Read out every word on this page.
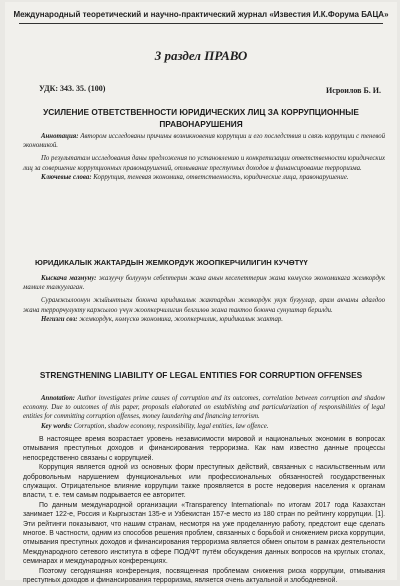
Международный теоретический и научно-практический журнал «Известия И.К.Форума БАЦА»
3 раздел ПРАВО
УДК: 343. 35. (100)	Исроилов Б. И.
УСИЛЕНИЕ ОТВЕТСТВЕННОСТИ ЮРИДИЧЕСКИХ ЛИЦ ЗА КОРРУПЦИОННЫЕ ПРАВОНАРУШЕНИЯ

Аннотация: Автором исследованы причины возникновения коррупции и его последствия и связь коррупции с теневой экономикой.

По результатам исследования даны предложения по установлению и конкретизации ответственности юридических лиц за совершение коррупционных правонарушений, отмывание преступных доходов и финансирование терроризма.

Ключевые слова: Коррупция, теневая экономика, ответственность, юридические лица, правонарушение.

ЮРИДИКАЛЫК ЖАКТАРДЫН ЖЕМКОРДУК ЖООПКЕРЧИЛИГИН КУЧӨТҮҮ

Кыскача мазмуну: жазуучу болуунун себептерин жана анын кесепеттерин жана көмүскө экономикага жемкордук мамиле талкуулаган.

Сурамжылоонун жыйынтыгы боюнча юридикалык жактардын жемкордук укук бузуулар, арам акчаны адалдоо жана террорчулукту каржылоо үчүн жоопкерчилигин белгилөө жана тактоо боюнча сунуштар берилди.

Негизги сөз: жемкордук, көмүскө экономика, жоопкерчилик, юридикалык жактар.

STRENGTHENING LIABILITY OF LEGAL ENTITIES FOR CORRUPTION OFFENSES

Annotation: Author investigates prime causes of corruption and its outcomes, correlation between corruption and shadow economy. Due to outcomes of this paper, proposals elaborated on establishing and particularization of responsibilities of legal entities for committing corruption offenses, money laundering and financing terrorism.

Key words: Corruption, shadow economy, responsibility, legal entities, law offence.

В настоящее время возрастает уровень независимости мировой и национальных экономик в вопросах отмывания преступных доходов и финансирования терроризма. Как нам известно данные процессы непосредственно связаны с коррупцией.

Коррупция является одной из основных форм преступных действий, связанных с насильственным или добровольным нарушением функциональных или профессиональных обязанностей государственных служащих. Отрицательное влияние коррупции также проявляется в росте недоверия населения к органам власти, т. е. тем самым подрывается ее авторитет.

По данным международной организации «Transparency International» по итогам 2017 года Казахстан занимает 122-е, Россия и Кыргызстан 135-е и Узбекистан 157-е место из 180 стран по рейтингу коррупции. [1]. Эти рейтинги показывают, что нашим странам, несмотря на уже проделанную работу, предстоит еще сделать многое. В частности, одним из способов решения проблем, связанных с борьбой и снижением риска коррупции, отмывания преступных доходов и финансирования терроризма является обмен опытом в рамках деятельности Международного сетевого института в сфере ПОД/ФТ путём обсуждения данных вопросов на круглых столах, семинарах и международных конференциях.

Поэтому сегодняшняя конференция, посвященная проблемам снижения риска коррупции, отмывания преступных доходов и финансирования терроризма, является очень актуальной и злободневной.
